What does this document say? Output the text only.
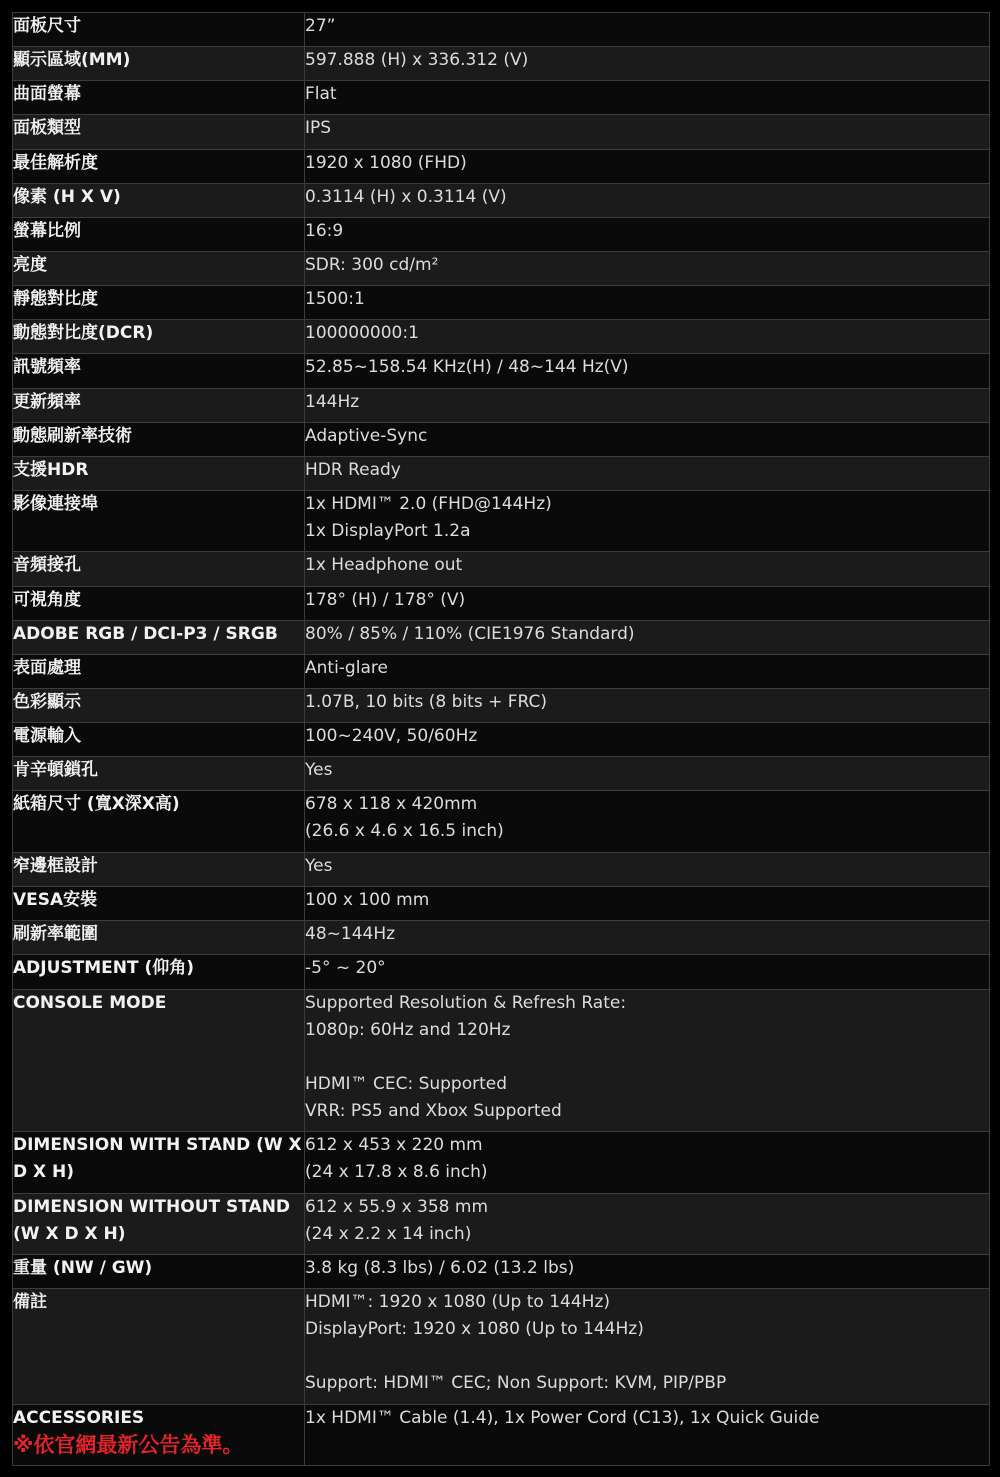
面板尺寸	27”

顯示區域(MM)	597.888 (H) x 336.312 (V)

曲面螢幕	Flat

面板類型	IPS

最佳解析度	1920 x 1080 (FHD)

像素 (H X V)	0.3114 (H) x 0.3114 (V)

螢幕比例	16:9

亮度	SDR: 300 cd/m²

靜態對比度	1500:1

動態對比度(DCR)	100000000:1

訊號頻率	52.85~158.54 KHz(H) / 48~144 Hz(V)

更新頻率	144Hz

動態刷新率技術	Adaptive-Sync

支援HDR	HDR Ready

影像連接埠	1x HDMI™ 2.0 (FHD@144Hz)
1x DisplayPort 1.2a

音頻接孔	1x Headphone out

可視角度	178° (H) / 178° (V)

ADOBE RGB / DCI-P3 / SRGB	80% / 85% / 110% (CIE1976 Standard)

表面處理	Anti-glare

色彩顯示	1.07B, 10 bits (8 bits + FRC)

電源輸入	100~240V, 50/60Hz

肯辛頓鎖孔	Yes

紙箱尺寸 (寬X深X高)	678 x 118 x 420mm
(26.6 x 4.6 x 16.5 inch)

窄邊框設計	Yes

VESA安裝	100 x 100 mm

刷新率範圍	48~144Hz

ADJUSTMENT (仰角)	-5° ~ 20°

CONSOLE MODE	Supported Resolution & Refresh Rate:
1080p: 60Hz and 120Hz
HDMI™ CEC: Supported
VRR: PS5 and Xbox Supported

DIMENSION WITH STAND (W X D X H)	612 x 453 x 220 mm
(24 x 17.8 x 8.6 inch)

DIMENSION WITHOUT STAND (W X D X H)	612 x 55.9 x 358 mm
(24 x 2.2 x 14 inch)

重量 (NW / GW)	3.8 kg (8.3 lbs) / 6.02 (13.2 lbs)

備註	HDMI™: 1920 x 1080 (Up to 144Hz)
DisplayPort: 1920 x 1080 (Up to 144Hz)
Support: HDMI™ CEC; Non Support: KVM, PIP/PBP

ACCESSORIES
※依官網最新公告為準。	1x HDMI™ Cable (1.4), 1x Power Cord (C13), 1x Quick Guide
